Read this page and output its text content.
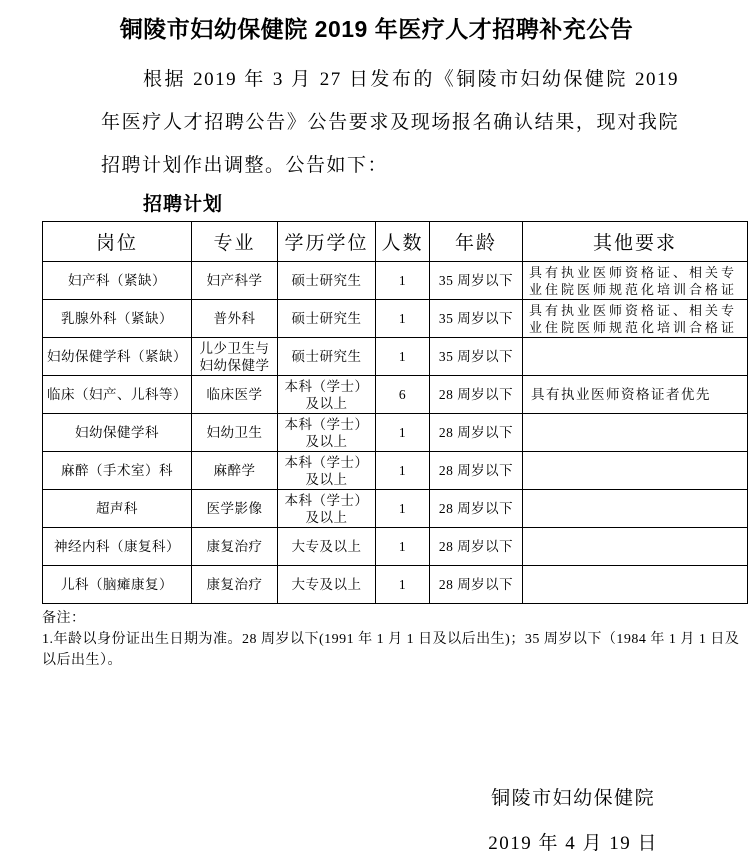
铜陵市妇幼保健院 2019 年医疗人才招聘补充公告

根据 2019 年 3 月 27 日发布的《铜陵市妇幼保健院 2019 年医疗人才招聘公告》公告要求及现场报名确认结果，现对我院招聘计划作出调整。公告如下：

招聘计划
岗位	专业	学历学位	人数	年龄	其他要求
妇产科（紧缺）	妇产科学	硕士研究生	1	35 周岁以下	具有执业医师资格证、相关专业住院医师规范化培训合格证
乳腺外科（紧缺）	普外科	硕士研究生	1	35 周岁以下	具有执业医师资格证、相关专业住院医师规范化培训合格证
妇幼保健学科（紧缺）	儿少卫生与妇幼保健学	硕士研究生	1	35 周岁以下	
临床（妇产、儿科等）	临床医学	本科（学士）及以上	6	28 周岁以下	具有执业医师资格证者优先
妇幼保健学科	妇幼卫生	本科（学士）及以上	1	28 周岁以下	
麻醉（手术室）科	麻醉学	本科（学士）及以上	1	28 周岁以下	
超声科	医学影像	本科（学士）及以上	1	28 周岁以下	
神经内科（康复科）	康复治疗	大专及以上	1	28 周岁以下	
儿科（脑瘫康复）	康复治疗	大专及以上	1	28 周岁以下	
备注：
1.年龄以身份证出生日期为准。28 周岁以下(1991 年 1 月 1 日及以后出生)；35 周岁以下（1984 年 1 月 1 日及以后出生）。
铜陵市妇幼保健院
2019 年 4 月 19 日
